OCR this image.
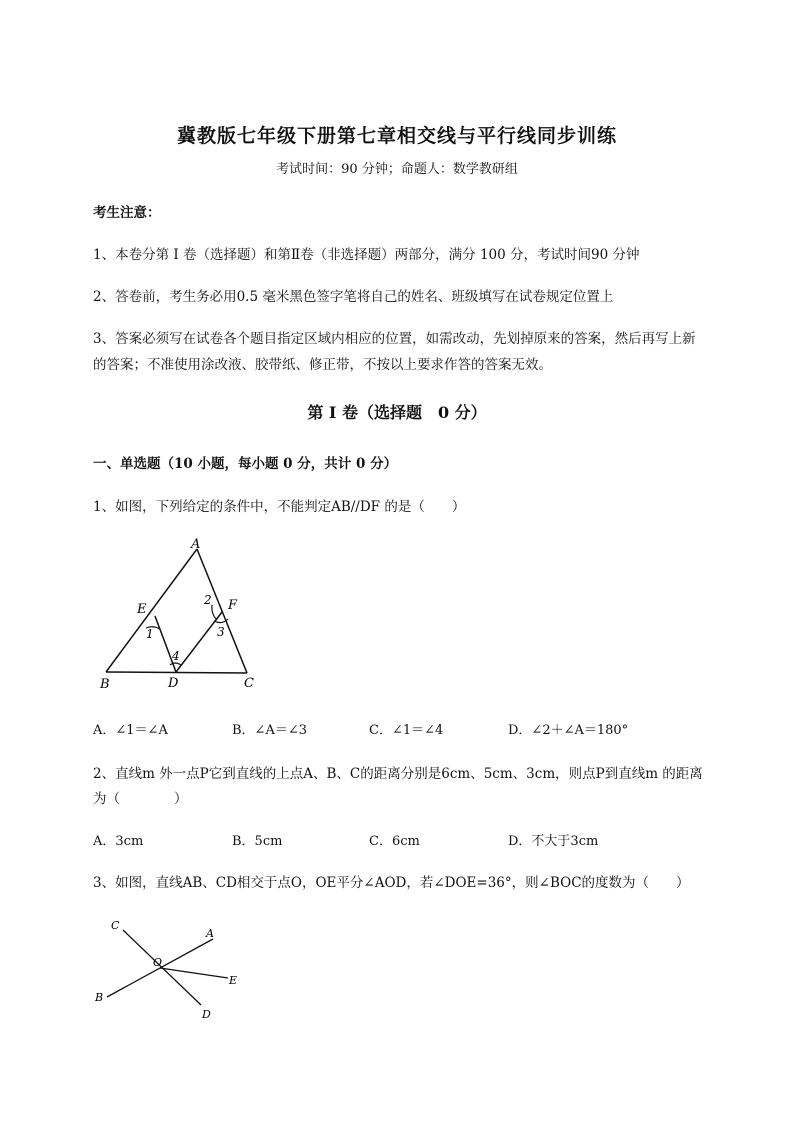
冀教版七年级下册第七章相交线与平行线同步训练
考试时间：90 分钟；命题人：数学教研组
考生注意：
1、本卷分第 I 卷（选择题）和第Ⅱ卷（非选择题）两部分，满分 100 分，考试时间90 分钟
2、答卷前，考生务必用0.5 毫米黑色签字笔将自己的姓名、班级填写在试卷规定位置上
3、答案必须写在试卷各个题目指定区域内相应的位置，如需改动，先划掉原来的答案，然后再写上新
的答案；不准使用涂改液、胶带纸、修正带，不按以上要求作答的答案无效。
第 I 卷（选择题　0 分）
一、单选题（10 小题，每小题 0 分，共计 0 分）
1、如图，下列给定的条件中，不能判定AB//DF 的是（　　）
A
B	C
D
E	F
1
2
3
4
A．∠1＝∠A	B．∠A＝∠3	C．∠1＝∠4	D．∠2＋∠A＝180°
2、直线m 外一点P它到直线的上点A、B、C的距离分别是6cm、5cm、3cm，则点P到直线m 的距离
为（　　　　）
A．3cm	B．5cm	C．6cm	D．不大于3cm
3、如图，直线AB、CD相交于点O，OE平分∠AOD，若∠DOE=36°，则∠BOC的度数为（　　）
C
A
O
E
B
D
